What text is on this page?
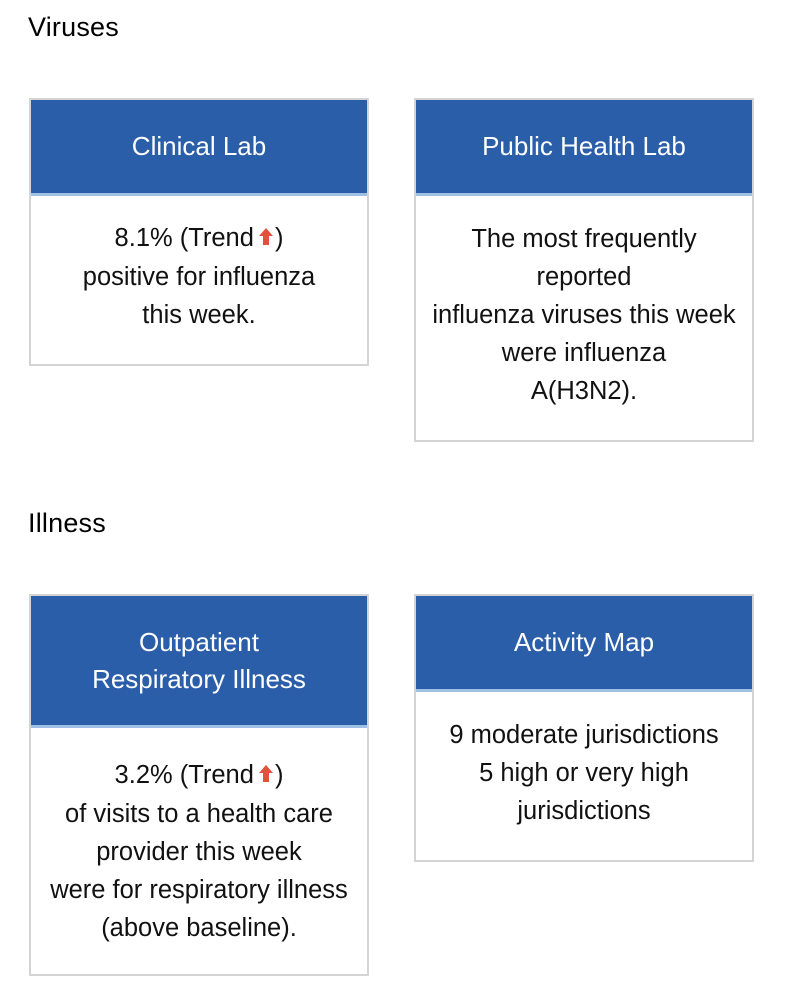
Viruses
Clinical Lab
8.1% (Trend )
positive for influenza
this week.
Public Health Lab
The most frequently
reported
influenza viruses this week
were influenza
A(H3N2).
Illness
Outpatient
Respiratory Illness
3.2% (Trend )
of visits to a health care
provider this week
were for respiratory illness
(above baseline).
Activity Map
9 moderate jurisdictions
5 high or very high
jurisdictions
